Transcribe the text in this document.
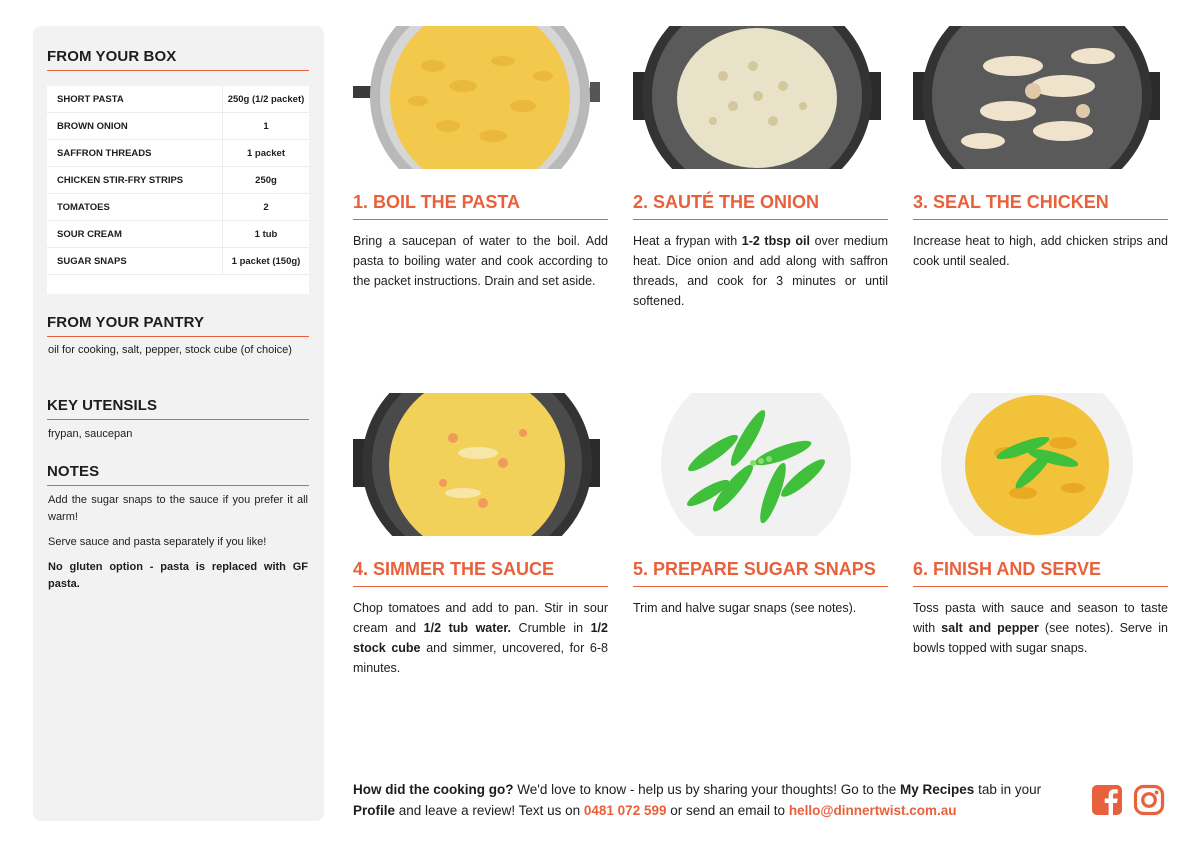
FROM YOUR BOX
SHORT PASTA	250g (1/2 packet)
BROWN ONION	1
SAFFRON THREADS	1 packet
CHICKEN STIR-FRY STRIPS	250g
TOMATOES	2
SOUR CREAM	1 tub
SUGAR SNAPS	1 packet (150g)
FROM YOUR PANTRY

oil for cooking, salt, pepper, stock cube (of choice)

KEY UTENSILS

frypan, saucepan

NOTES

Add the sugar snaps to the sauce if you prefer it all warm!

Serve sauce and pasta separately if you like!

No gluten option - pasta is replaced with GF pasta.

1. BOIL THE PASTA
Bring a saucepan of water to the boil. Add pasta to boiling water and cook according to the packet instructions. Drain and set aside.
2. SAUTÉ THE ONION
Heat a frypan with 1-2 tbsp oil over medium heat. Dice onion and add along with saffron threads, and cook for 3 minutes or until softened.
3. SEAL THE CHICKEN
Increase heat to high, add chicken strips and cook until sealed.
4. SIMMER THE SAUCE
Chop tomatoes and add to pan. Stir in sour cream and 1/2 tub water. Crumble in 1/2 stock cube and simmer, uncovered, for 6-8 minutes.
5. PREPARE SUGAR SNAPS
Trim and halve sugar snaps (see notes).
6. FINISH AND SERVE
Toss pasta with sauce and season to taste with salt and pepper (see notes). Serve in bowls topped with sugar snaps.
How did the cooking go? We'd love to know - help us by sharing your thoughts! Go to the My Recipes tab in your Profile and leave a review! Text us on 0481 072 599 or send an email to hello@dinnertwist.com.au
